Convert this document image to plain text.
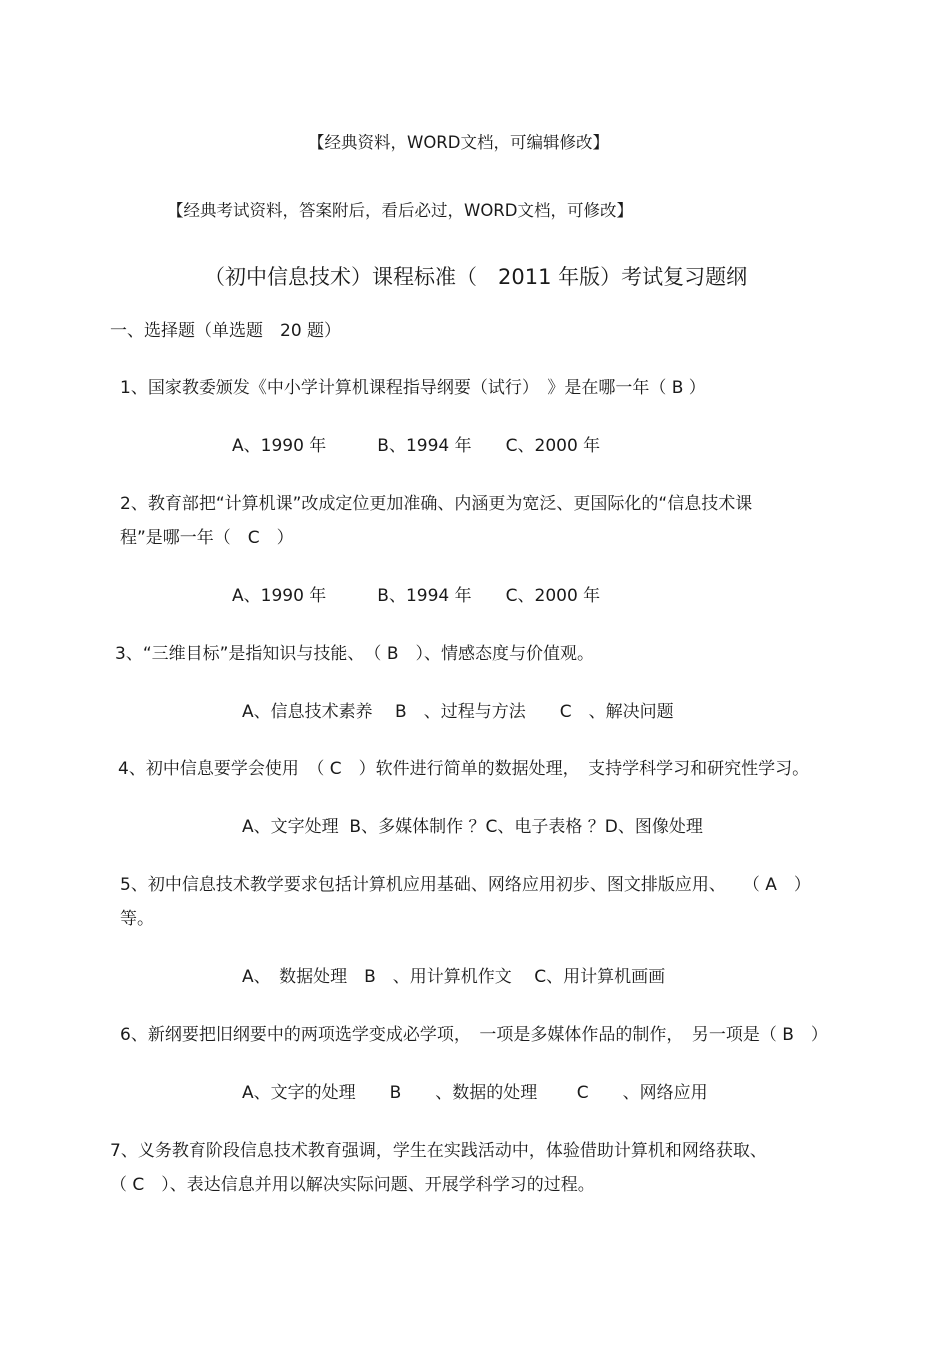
【经典资料，WORD文档，可编辑修改】
【经典考试资料，答案附后，看后必过，WORD文档，可修改】
（初中信息技术）课程标准（　2011 年版）考试复习题纲
一、选择题（单选题　20 题）
1、国家教委颁发《中小学计算机课程指导纲要（试行）　》是在哪一年（ B ）
A、1990 年　　　B、1994 年　　C、2000 年
2、教育部把“计算机课”改成定位更加准确、内涵更为宽泛、更国际化的“信息技术课
程”是哪一年（　C　）
A、1990 年　　　B、1994 年　　C、2000 年
3、“三维目标”是指知识与技能、　（ B　）、情感态度与价值观。
A、信息技术素养　 B　、过程与方法　　C　、解决问题
4、初中信息要学会使用　（ C　）软件进行简单的数据处理，　支持学科学习和研究性学习。
A、文字处理  B、多媒体制作 ？C、电子表格 ？D、图像处理
5、初中信息技术教学要求包括计算机应用基础、网络应用初步、图文排版应用、　　（ A　）
等。
A、　数据处理　B　、用计算机作文　 C、用计算机画画
6、新纲要把旧纲要中的两项选学变成必学项，　一项是多媒体作品的制作，　另一项是（ B　）
A、文字的处理　　B　　、数据的处理　　 C　　、网络应用
7、义务教育阶段信息技术教育强调，学生在实践活动中，体验借助计算机和网络获取、
（ C　）、表达信息并用以解决实际问题、开展学科学习的过程。
